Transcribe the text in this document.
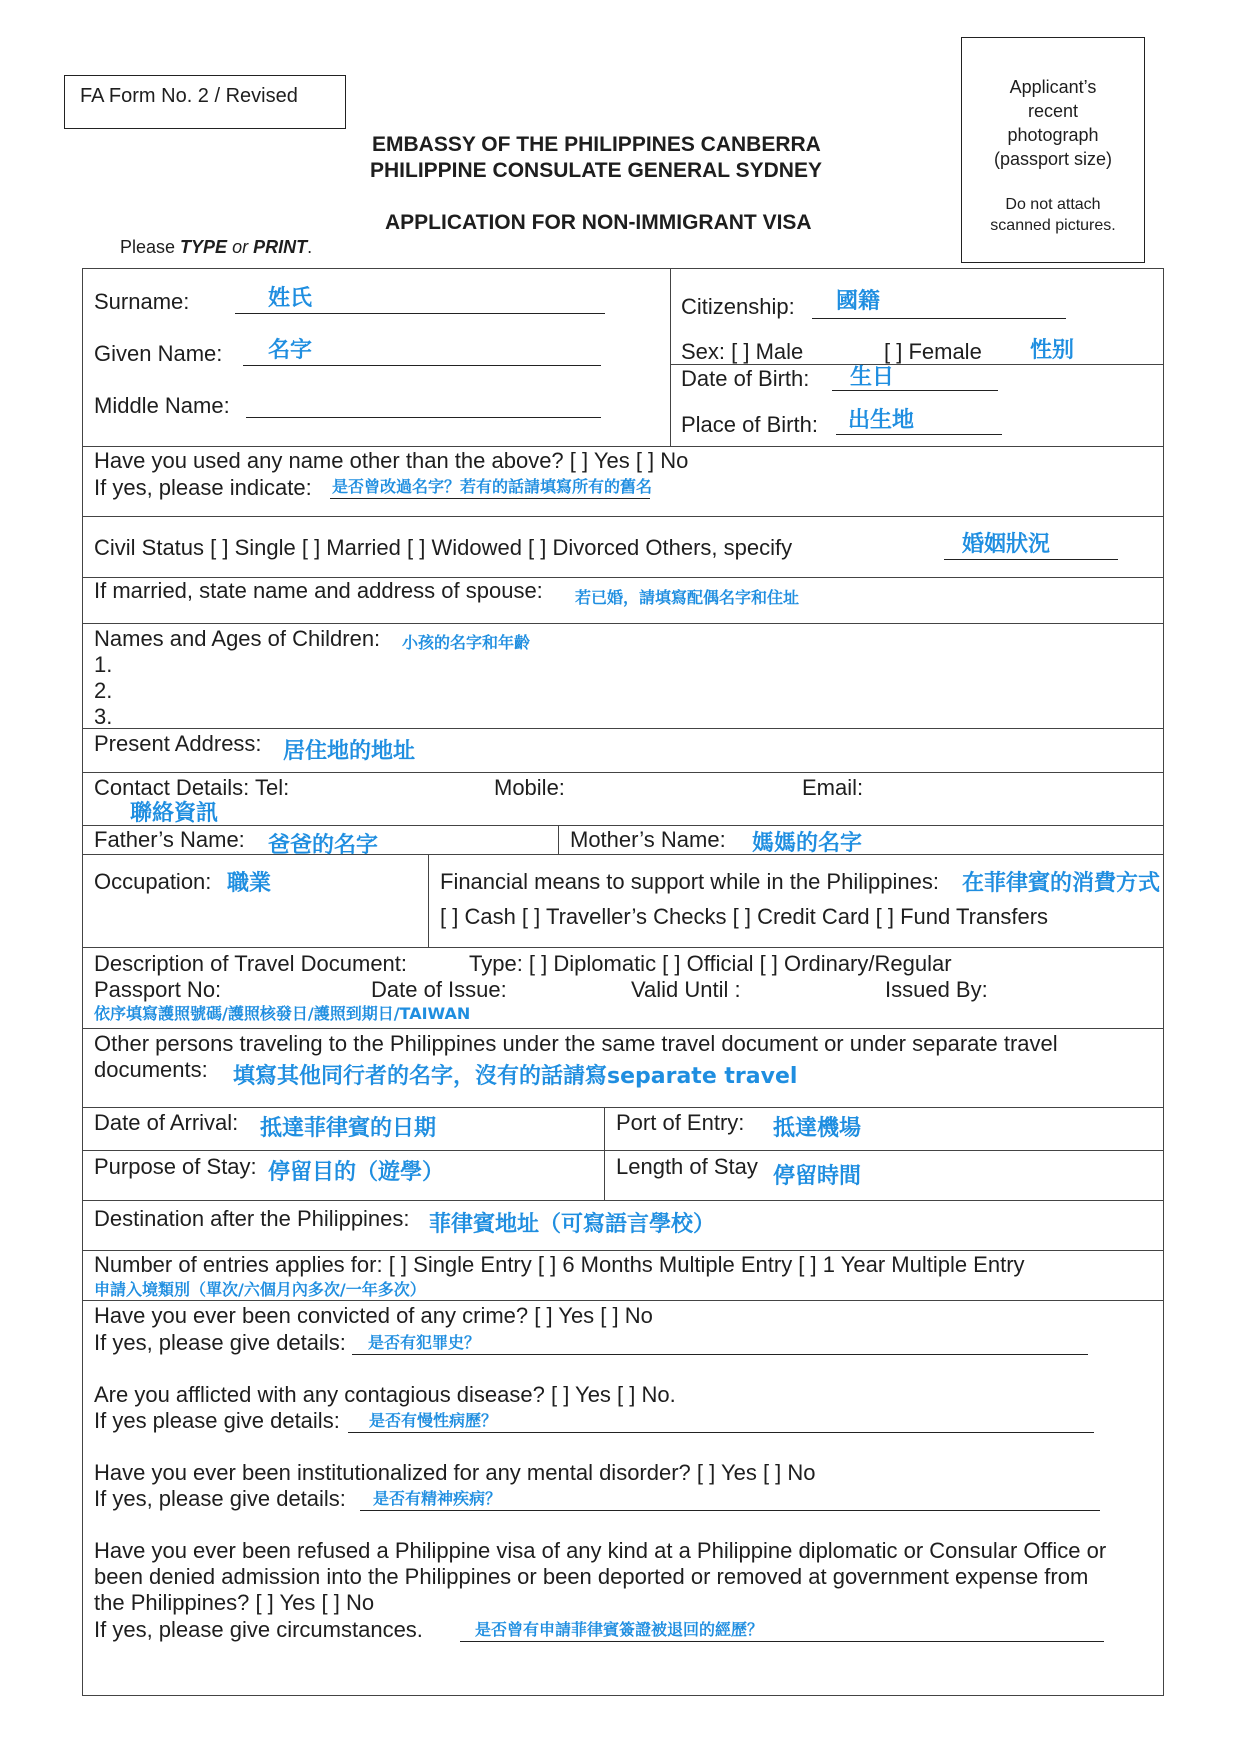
FA Form No. 2 / Revised
EMBASSY OF THE PHILIPPINES CANBERRA
PHILIPPINE CONSULATE GENERAL SYDNEY
APPLICATION FOR NON-IMMIGRANT VISA
Please TYPE or PRINT.
Applicant’s
recent
photograph
(passport size)
Do not attach
scanned pictures.
Surname:	姓氏
Given Name: 名字
Middle Name:
Citizenship: 國籍
Sex: [ ] Male	[ ] Female 性别
Date of Birth: 生日
Place of Birth: 出生地
Have you used any name other than the above? [ ] Yes [ ] No
If yes, please indicate: 是否曾改過名字？若有的話請填寫所有的舊名
Civil Status [ ] Single [ ] Married [ ] Widowed [ ] Divorced Others, specify	婚姻狀況
If married, state name and address of spouse: 若已婚，請填寫配偶名字和住址
Names and Ages of Children: 小孩的名字和年齡
1.
2.
3.
Present Address: 居住地的地址
Contact Details: Tel:	Mobile:	Email:
聯絡資訊
Father’s Name: 爸爸的名字	Mother’s Name: 媽媽的名字
Occupation: 職業	Financial means to support while in the Philippines: 在菲律賓的消費方式
[ ] Cash [ ] Traveller’s Checks [ ] Credit Card [ ] Fund Transfers
Description of Travel Document:	Type: [ ] Diplomatic [ ] Official [ ] Ordinary/Regular
Passport No:	Date of Issue:	Valid Until :	Issued By:
依序填寫護照號碼/護照核發日/護照到期日/TAIWAN
Other persons traveling to the Philippines under the same travel document or under separate travel
documents: 填寫其他同行者的名字，沒有的話請寫separate travel
Date of Arrival: 抵達菲律賓的日期	Port of Entry: 抵達機場
Purpose of Stay: 停留目的（遊學）	Length of Stay 停留時間
Destination after the Philippines: 菲律賓地址（可寫語言學校）
Number of entries applies for: [ ] Single Entry [ ] 6 Months Multiple Entry [ ] 1 Year Multiple Entry
申請入境類別（單次/六個月內多次/一年多次）
Have you ever been convicted of any crime? [ ] Yes [ ] No
If yes, please give details: 是否有犯罪史？
Are you afflicted with any contagious disease? [ ] Yes [ ] No.
If yes please give details: 是否有慢性病歷？
Have you ever been institutionalized for any mental disorder? [ ] Yes [ ] No
If yes, please give details: 是否有精神疾病？
Have you ever been refused a Philippine visa of any kind at a Philippine diplomatic or Consular Office or
been denied admission into the Philippines or been deported or removed at government expense from
the Philippines? [ ] Yes [ ] No
If yes, please give circumstances.	是否曾有申請菲律賓簽證被退回的經歷？
